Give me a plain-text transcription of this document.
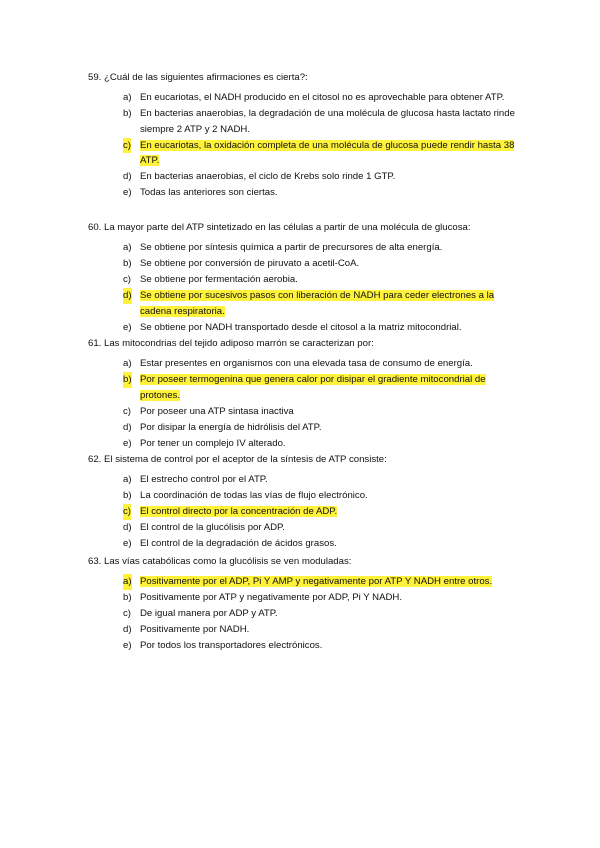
59. ¿Cuál de las siguientes afirmaciones es cierta?:

a) En eucariotas, el NADH producido en el citosol no es aprovechable para obtener ATP.
b) En bacterias anaerobias, la degradación de una molécula de glucosa hasta lactato rinde siempre 2 ATP y 2 NADH.
c) En eucariotas, la oxidación completa de una molécula de glucosa puede rendir hasta 38 ATP.
d) En bacterias anaerobias, el ciclo de Krebs solo rinde 1 GTP.
e) Todas las anteriores son ciertas.

60. La mayor parte del ATP sintetizado en las células a partir de una molécula de glucosa:

a) Se obtiene por síntesis química a partir de precursores de alta energía.
b) Se obtiene por conversión de piruvato a acetil-CoA.
c) Se obtiene por fermentación aerobia.
d) Se obtiene por sucesivos pasos con liberación de NADH para ceder electrones a la cadena respiratoria.
e) Se obtiene por NADH transportado desde el citosol a la matriz mitocondrial.

61. Las mitocondrias del tejido adiposo marrón se caracterizan por:

a) Estar presentes en organismos con una elevada tasa de consumo de energía.
b) Por poseer termogenina que genera calor por disipar el gradiente mitocondrial de protones.
c) Por poseer una ATP sintasa inactiva
d) Por disipar la energía de hidrólisis del ATP.
e) Por tener un complejo IV alterado.

62. El sistema de control por el aceptor de la síntesis de ATP consiste:

a) El estrecho control por el ATP.
b) La coordinación de todas las vías de flujo electrónico.
c) El control directo por la concentración de ADP.
d) El control de la glucólisis por ADP.
e) El control de la degradación de ácidos grasos.

63. Las vías catabólicas como la glucólisis se ven moduladas:

a) Positivamente por el ADP, Pi Y AMP y negativamente por ATP Y NADH entre otros.
b) Positivamente por ATP y negativamente por ADP, Pi Y NADH.
c) De igual manera por ADP y ATP.
d) Positivamente por NADH.
e) Por todos los transportadores electrónicos.
